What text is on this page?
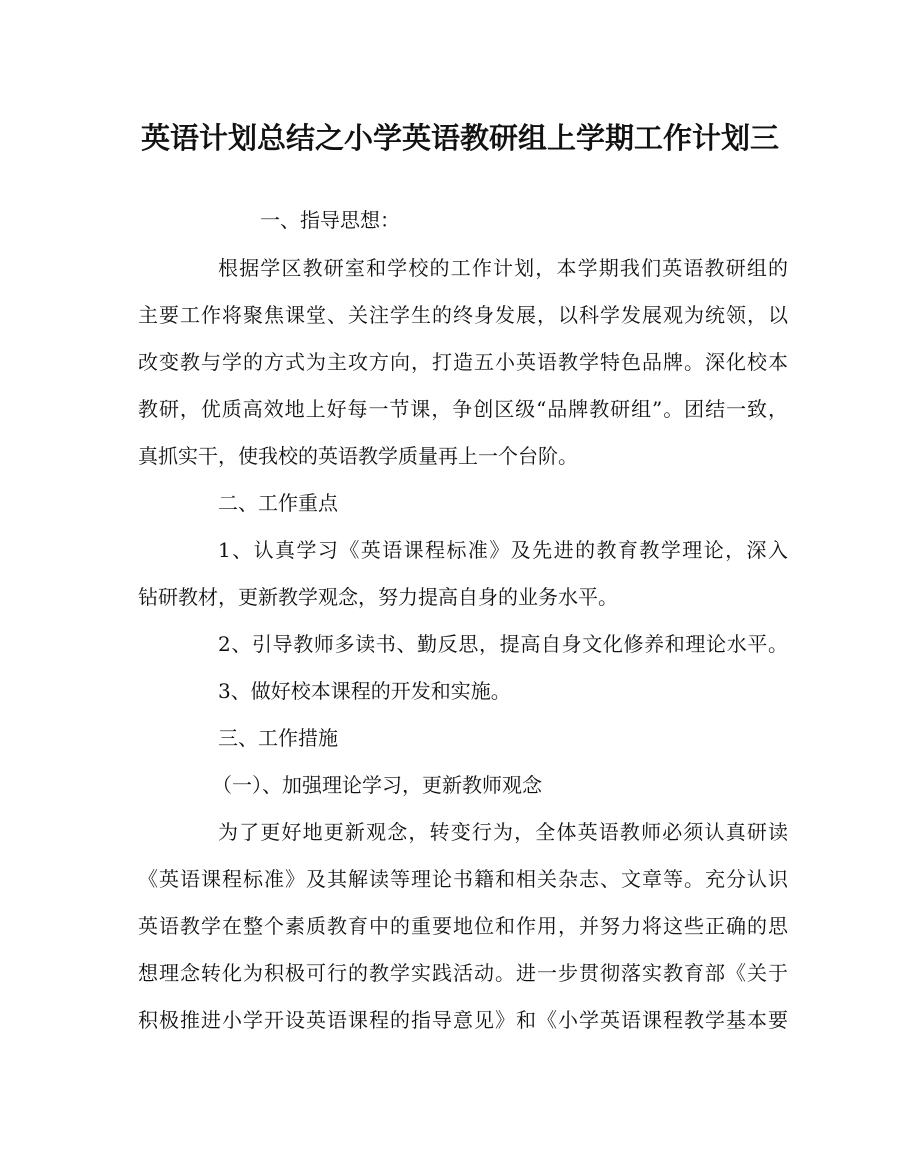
英语计划总结之小学英语教研组上学期工作计划三
一、指导思想：
根据学区教研室和学校的工作计划，本学期我们英语教研组的
主要工作将聚焦课堂、关注学生的终身发展，以科学发展观为统领，以
改变教与学的方式为主攻方向，打造五小英语教学特色品牌。深化校本
教研，优质高效地上好每一节课，争创区级“品牌教研组”。团结一致，
真抓实干，使我校的英语教学质量再上一个台阶。
二、工作重点
1、认真学习《英语课程标准》及先进的教育教学理论，深入
钻研教材，更新教学观念，努力提高自身的业务水平。
2、引导教师多读书、勤反思，提高自身文化修养和理论水平。
3、做好校本课程的开发和实施。
三、工作措施
（一）、加强理论学习，更新教师观念
为了更好地更新观念，转变行为，全体英语教师必须认真研读
《英语课程标准》及其解读等理论书籍和相关杂志、文章等。充分认识
英语教学在整个素质教育中的重要地位和作用，并努力将这些正确的思
想理念转化为积极可行的教学实践活动。进一步贯彻落实教育部《关于
积极推进小学开设英语课程的指导意见》和《小学英语课程教学基本要
